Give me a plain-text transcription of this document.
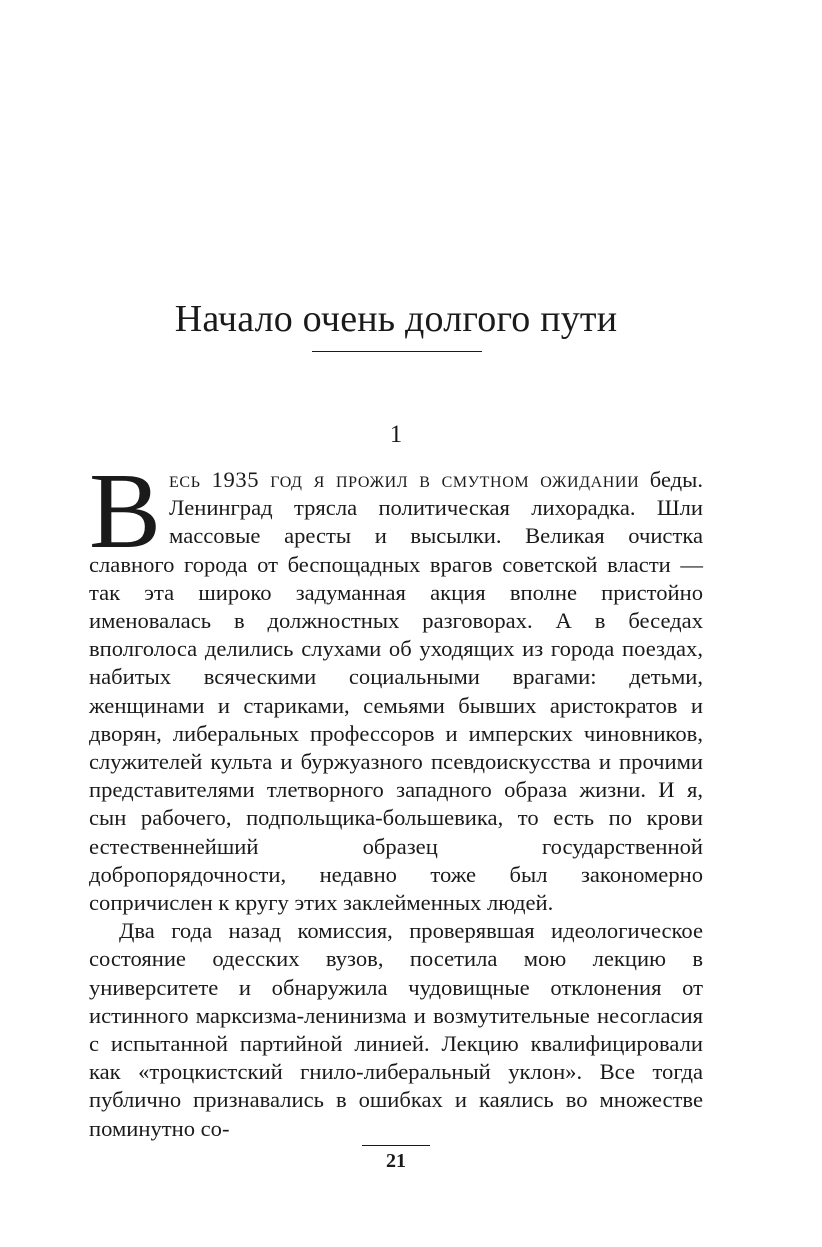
Начало очень долгого пути
1

Весь 1935 год я прожил в смутном ожидании беды. Ленинград трясла политическая лихорадка. Шли массовые аресты и высылки. Великая очистка славного города от беспощадных врагов советской власти — так эта широко задуманная акция вполне пристойно именовалась в должностных разговорах. А в беседах вполголоса делились слухами об уходящих из города поездах, набитых всяческими социальными врагами: детьми, женщинами и стариками, семьями бывших аристократов и дворян, либеральных профессоров и имперских чиновников, служителей культа и буржуазного псевдоискусства и прочими представителями тлетворного западного образа жизни. И я, сын рабочего, подпольщика-большевика, то есть по крови естественнейший образец государственной добропорядочности, недавно тоже был закономерно сопричислен к кругу этих заклейменных людей.

Два года назад комиссия, проверявшая идеологическое состояние одесских вузов, посетила мою лекцию в университете и обнаружила чудовищные отклонения от истинного марксизма-ленинизма и возмутительные несогласия с испытанной партийной линией. Лекцию квалифицировали как «троцкистский гнило-либеральный уклон». Все тогда публично признавались в ошибках и каялись во множестве поминутно со-

21
